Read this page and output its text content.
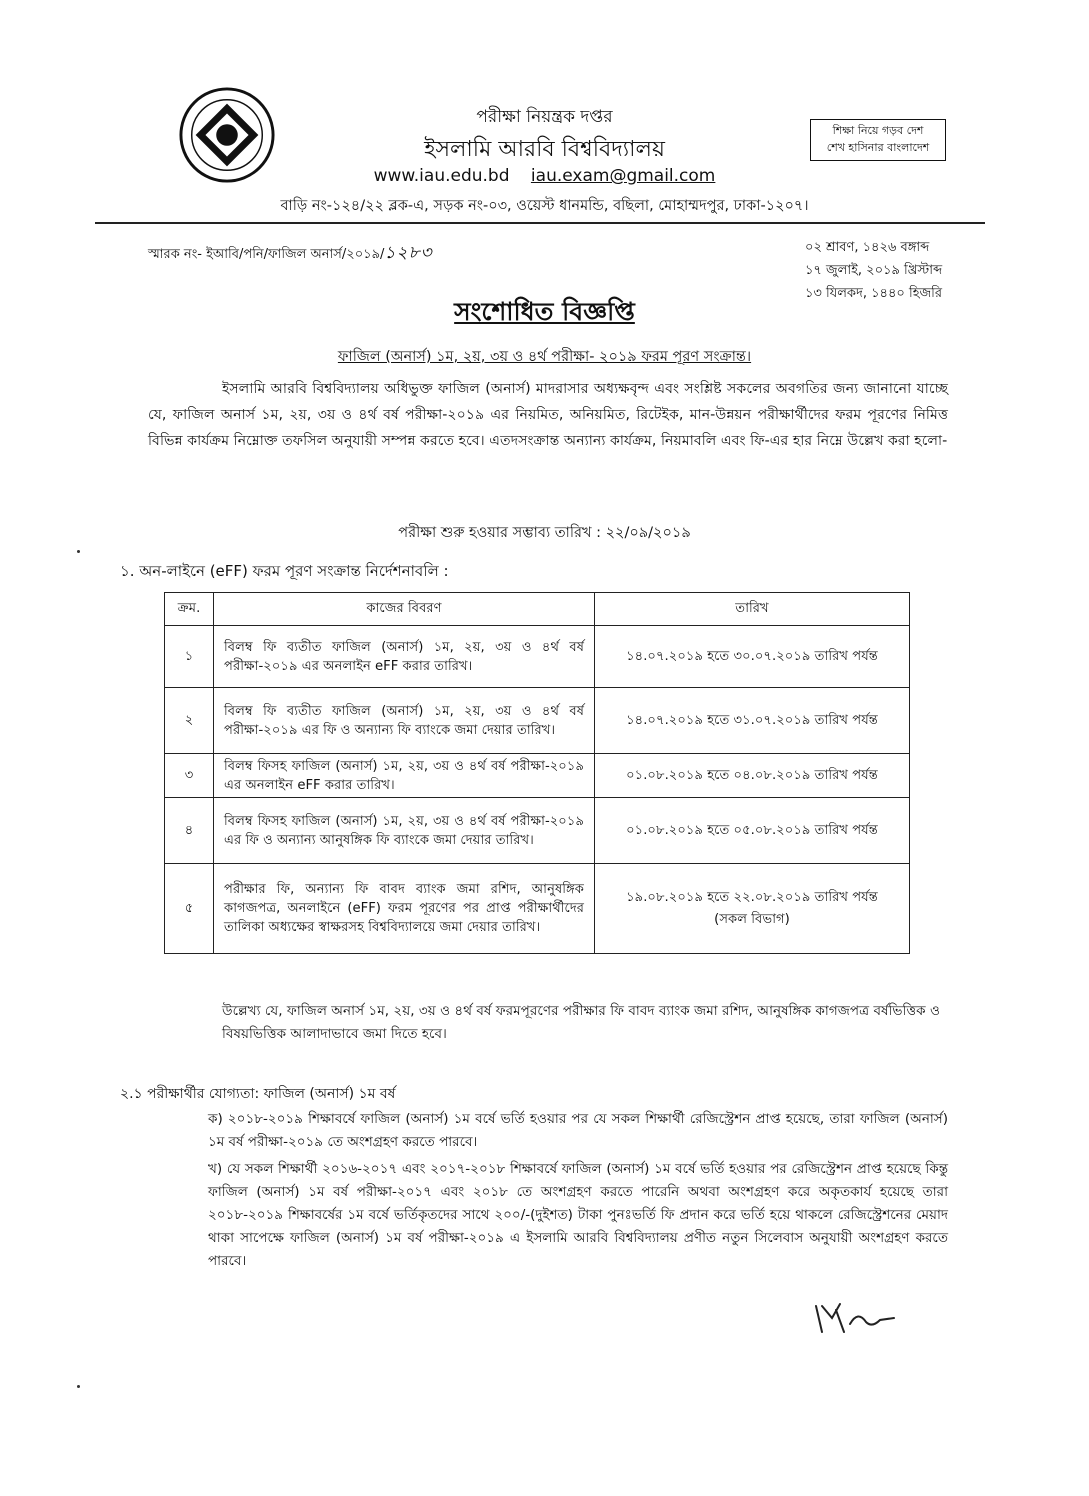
পরীক্ষা নিয়ন্ত্রক দপ্তর
ইসলামি আরবি বিশ্ববিদ্যালয়
www.iau.edu.bd iau.exam@gmail.com
বাড়ি নং-১২৪/২২ ব্লক-এ, সড়ক নং-০৩, ওয়েস্ট ধানমন্ডি, বছিলা, মোহাম্মদপুর, ঢাকা-১২০৭।
শিক্ষা নিয়ে গড়ব দেশ
শেখ হাসিনার বাংলাদেশ
স্মারক নং- ইআবি/পনি/ফাজিল অনার্স/২০১৯/১২৮৩	০২ শ্রাবণ, ১৪২৬ বঙ্গাব্দ
১৭ জুলাই, ২০১৯ খ্রিস্টাব্দ
১৩ যিলকদ, ১৪৪০ হিজরি
সংশোধিত বিজ্ঞপ্তি
ফাজিল (অনার্স) ১ম, ২য়, ৩য় ও ৪র্থ পরীক্ষা- ২০১৯ ফরম পূরণ সংক্রান্ত।
ইসলামি আরবি বিশ্ববিদ্যালয় অধিভুক্ত ফাজিল (অনার্স) মাদরাসার অধ্যক্ষবৃন্দ এবং সংশ্লিষ্ট সকলের অবগতির জন্য জানানো যাচ্ছে যে, ফাজিল অনার্স ১ম, ২য়, ৩য় ও ৪র্থ বর্ষ পরীক্ষা-২০১৯ এর নিয়মিত, অনিয়মিত, রিটেইক, মান-উন্নয়ন পরীক্ষার্থীদের ফরম পূরণের নিমিত্ত বিভিন্ন কার্যক্রম নিম্নোক্ত তফসিল অনুযায়ী সম্পন্ন করতে হবে। এতদসংক্রান্ত অন্যান্য কার্যক্রম, নিয়মাবলি এবং ফি-এর হার নিম্নে উল্লেখ করা হলো-
পরীক্ষা শুরু হওয়ার সম্ভাব্য তারিখ : ২২/০৯/২০১৯
১. অন-লাইনে (eFF) ফরম পূরণ সংক্রান্ত নির্দেশনাবলি :
ক্রম.	কাজের বিবরণ	তারিখ
১	বিলম্ব ফি ব্যতীত ফাজিল (অনার্স) ১ম, ২য়, ৩য় ও ৪র্থ বর্ষ পরীক্ষা-২০১৯ এর অনলাইন eFF করার তারিখ।	১৪.০৭.২০১৯ হতে ৩০.০৭.২০১৯ তারিখ পর্যন্ত
২	বিলম্ব ফি ব্যতীত ফাজিল (অনার্স) ১ম, ২য়, ৩য় ও ৪র্থ বর্ষ পরীক্ষা-২০১৯ এর ফি ও অন্যান্য ফি ব্যাংকে জমা দেয়ার তারিখ।	১৪.০৭.২০১৯ হতে ৩১.০৭.২০১৯ তারিখ পর্যন্ত
৩	বিলম্ব ফিসহ ফাজিল (অনার্স) ১ম, ২য়, ৩য় ও ৪র্থ বর্ষ পরীক্ষা-২০১৯ এর অনলাইন eFF করার তারিখ।	০১.০৮.২০১৯ হতে ০৪.০৮.২০১৯ তারিখ পর্যন্ত
৪	বিলম্ব ফিসহ ফাজিল (অনার্স) ১ম, ২য়, ৩য় ও ৪র্থ বর্ষ পরীক্ষা-২০১৯ এর ফি ও অন্যান্য আনুষঙ্গিক ফি ব্যাংকে জমা দেয়ার তারিখ।	০১.০৮.২০১৯ হতে ০৫.০৮.২০১৯ তারিখ পর্যন্ত
৫	পরীক্ষার ফি, অন্যান্য ফি বাবদ ব্যাংক জমা রশিদ, আনুষঙ্গিক কাগজপত্র, অনলাইনে (eFF) ফরম পূরণের পর প্রাপ্ত পরীক্ষার্থীদের তালিকা অধ্যক্ষের স্বাক্ষরসহ বিশ্ববিদ্যালয়ে জমা দেয়ার তারিখ।	১৯.০৮.২০১৯ হতে ২২.০৮.২০১৯ তারিখ পর্যন্ত
(সকল বিভাগ)
উল্লেখ্য যে, ফাজিল অনার্স ১ম, ২য়, ৩য় ও ৪র্থ বর্ষ ফরমপূরণের পরীক্ষার ফি বাবদ ব্যাংক জমা রশিদ, আনুষঙ্গিক কাগজপত্র বর্ষভিত্তিক ও বিষয়ভিত্তিক আলাদাভাবে জমা দিতে হবে।
২.১ পরীক্ষার্থীর যোগ্যতা: ফাজিল (অনার্স) ১ম বর্ষ
ক) ২০১৮-২০১৯ শিক্ষাবর্ষে ফাজিল (অনার্স) ১ম বর্ষে ভর্তি হওয়ার পর যে সকল শিক্ষার্থী রেজিস্ট্রেশন প্রাপ্ত হয়েছে, তারা ফাজিল (অনার্স) ১ম বর্ষ পরীক্ষা-২০১৯ তে অংশগ্রহণ করতে পারবে।
খ) যে সকল শিক্ষার্থী ২০১৬-২০১৭ এবং ২০১৭-২০১৮ শিক্ষাবর্ষে ফাজিল (অনার্স) ১ম বর্ষে ভর্তি হওয়ার পর রেজিস্ট্রেশন প্রাপ্ত হয়েছে কিন্তু ফাজিল (অনার্স) ১ম বর্ষ পরীক্ষা-২০১৭ এবং ২০১৮ তে অংশগ্রহণ করতে পারেনি অথবা অংশগ্রহণ করে অকৃতকার্য হয়েছে তারা ২০১৮-২০১৯ শিক্ষাবর্ষের ১ম বর্ষে ভর্তিকৃতদের সাথে ২০০/-(দুইশত) টাকা পুনঃভর্তি ফি প্রদান করে ভর্তি হয়ে থাকলে রেজিস্ট্রেশনের মেয়াদ থাকা সাপেক্ষে ফাজিল (অনার্স) ১ম বর্ষ পরীক্ষা-২০১৯ এ ইসলামি আরবি বিশ্ববিদ্যালয় প্রণীত নতুন সিলেবাস অনুযায়ী অংশগ্রহণ করতে পারবে।
